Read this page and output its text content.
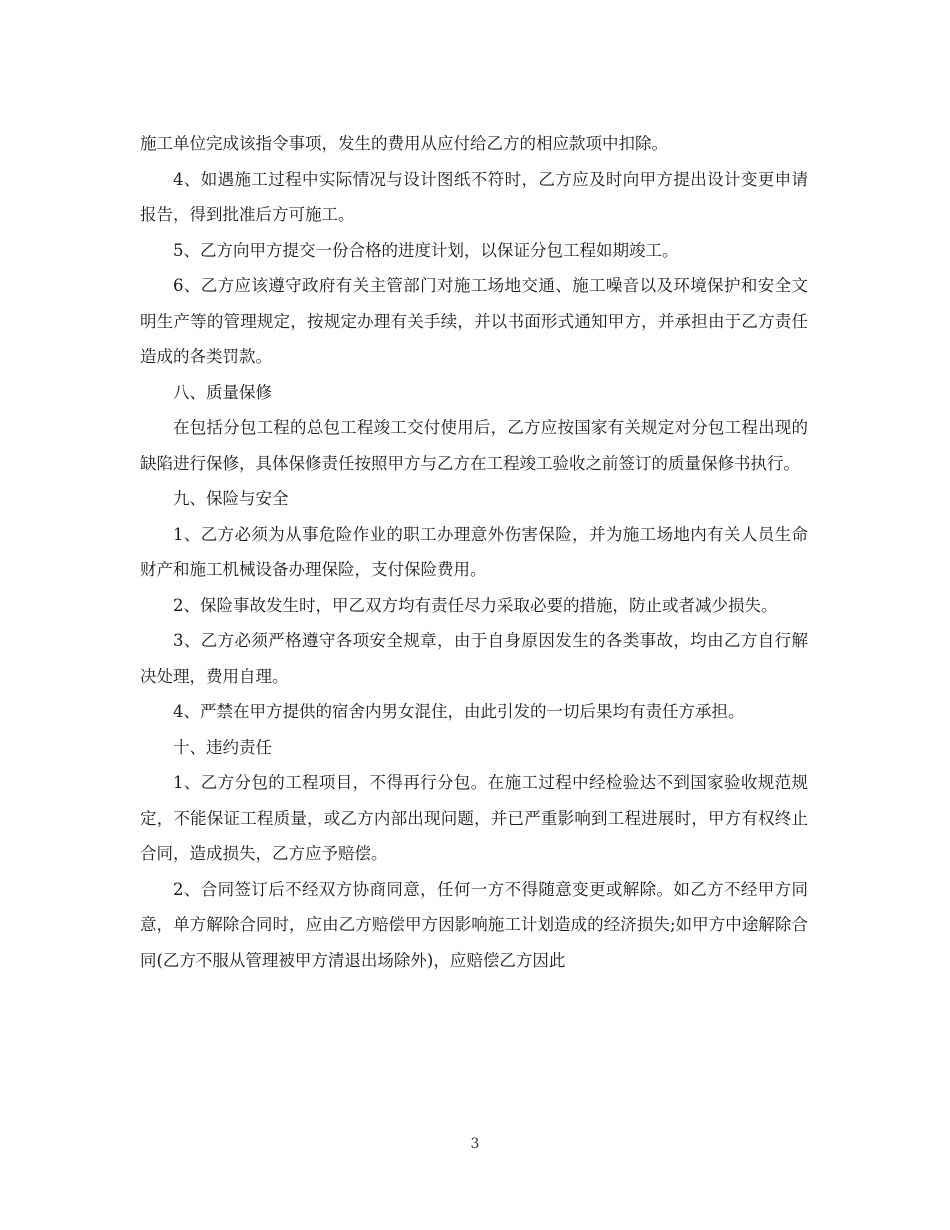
施工单位完成该指令事项，发生的费用从应付给乙方的相应款项中扣除。

4、如遇施工过程中实际情况与设计图纸不符时，乙方应及时向甲方提出设计变更申请报告，得到批准后方可施工。

5、乙方向甲方提交一份合格的进度计划，以保证分包工程如期竣工。

6、乙方应该遵守政府有关主管部门对施工场地交通、施工噪音以及环境保护和安全文明生产等的管理规定，按规定办理有关手续，并以书面形式通知甲方，并承担由于乙方责任造成的各类罚款。

八、质量保修

在包括分包工程的总包工程竣工交付使用后，乙方应按国家有关规定对分包工程出现的缺陷进行保修，具体保修责任按照甲方与乙方在工程竣工验收之前签订的质量保修书执行。

九、保险与安全

1、乙方必须为从事危险作业的职工办理意外伤害保险，并为施工场地内有关人员生命财产和施工机械设备办理保险，支付保险费用。

2、保险事故发生时，甲乙双方均有责任尽力采取必要的措施，防止或者减少损失。

3、乙方必须严格遵守各项安全规章，由于自身原因发生的各类事故，均由乙方自行解决处理，费用自理。

4、严禁在甲方提供的宿舍内男女混住，由此引发的一切后果均有责任方承担。

十、违约责任

1、乙方分包的工程项目，不得再行分包。在施工过程中经检验达不到国家验收规范规定，不能保证工程质量，或乙方内部出现问题，并已严重影响到工程进展时，甲方有权终止合同，造成损失，乙方应予赔偿。

2、合同签订后不经双方协商同意，任何一方不得随意变更或解除。如乙方不经甲方同意，单方解除合同时，应由乙方赔偿甲方因影响施工计划造成的经济损失;如甲方中途解除合同(乙方不服从管理被甲方清退出场除外)，应赔偿乙方因此

3
